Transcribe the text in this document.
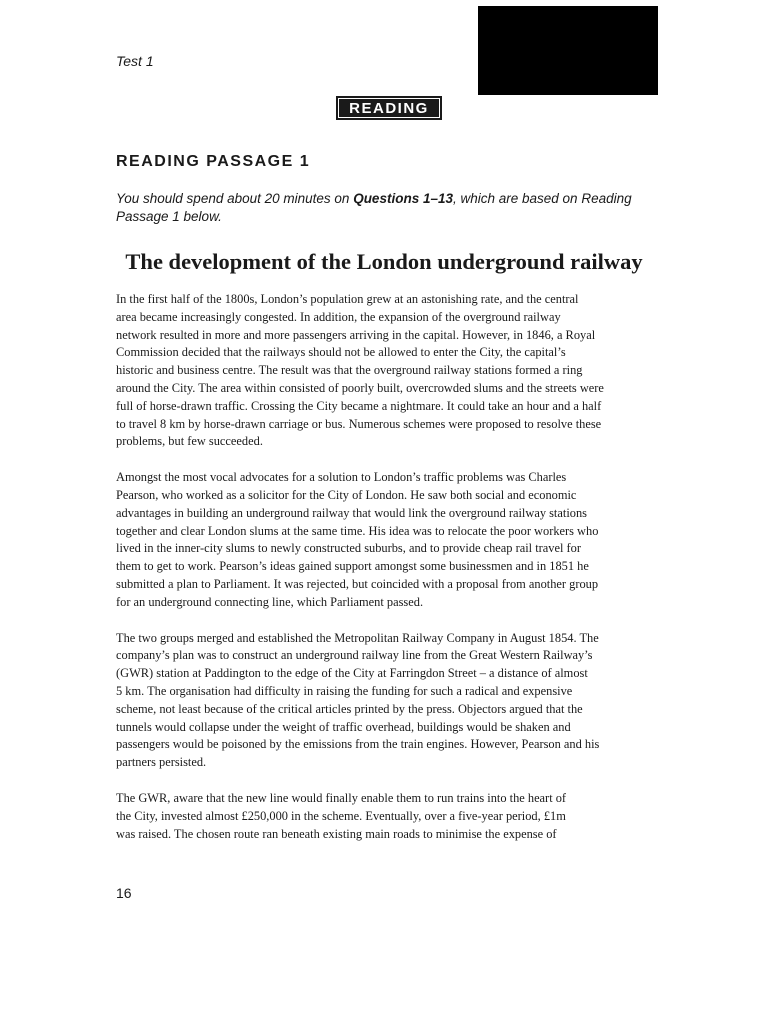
Test 1
READING
READING PASSAGE 1
You should spend about 20 minutes on Questions 1–13, which are based on Reading Passage 1 below.
The development of the London underground railway

In the first half of the 1800s, London’s population grew at an astonishing rate, and the central
area became increasingly congested. In addition, the expansion of the overground railway
network resulted in more and more passengers arriving in the capital. However, in 1846, a Royal
Commission decided that the railways should not be allowed to enter the City, the capital’s
historic and business centre. The result was that the overground railway stations formed a ring
around the City. The area within consisted of poorly built, overcrowded slums and the streets were
full of horse-drawn traffic. Crossing the City became a nightmare. It could take an hour and a half
to travel 8 km by horse-drawn carriage or bus. Numerous schemes were proposed to resolve these
problems, but few succeeded.

Amongst the most vocal advocates for a solution to London’s traffic problems was Charles
Pearson, who worked as a solicitor for the City of London. He saw both social and economic
advantages in building an underground railway that would link the overground railway stations
together and clear London slums at the same time. His idea was to relocate the poor workers who
lived in the inner-city slums to newly constructed suburbs, and to provide cheap rail travel for
them to get to work. Pearson’s ideas gained support amongst some businessmen and in 1851 he
submitted a plan to Parliament. It was rejected, but coincided with a proposal from another group
for an underground connecting line, which Parliament passed.

The two groups merged and established the Metropolitan Railway Company in August 1854. The
company’s plan was to construct an underground railway line from the Great Western Railway’s
(GWR) station at Paddington to the edge of the City at Farringdon Street – a distance of almost
5 km. The organisation had difficulty in raising the funding for such a radical and expensive
scheme, not least because of the critical articles printed by the press. Objectors argued that the
tunnels would collapse under the weight of traffic overhead, buildings would be shaken and
passengers would be poisoned by the emissions from the train engines. However, Pearson and his
partners persisted.

The GWR, aware that the new line would finally enable them to run trains into the heart of
the City, invested almost £250,000 in the scheme. Eventually, over a five-year period, £1m
was raised. The chosen route ran beneath existing main roads to minimise the expense of

16
